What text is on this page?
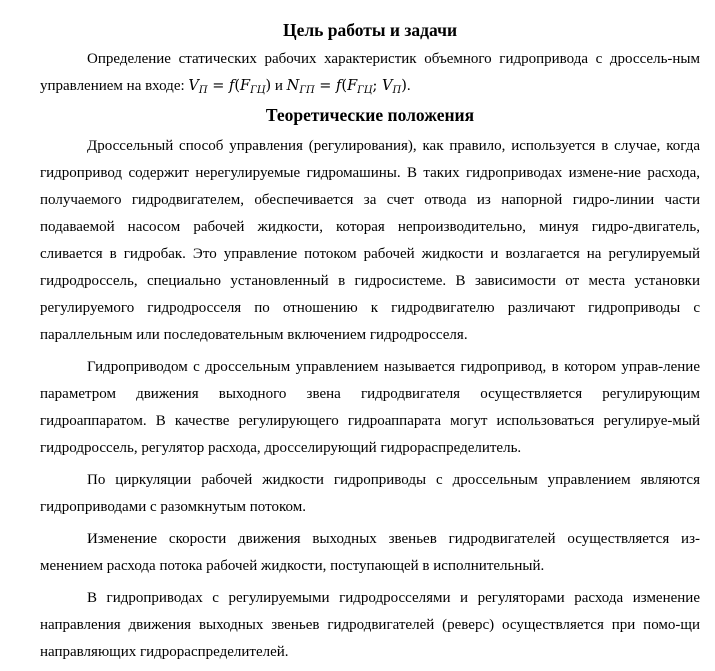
Цель работы и задачи

Определение статических рабочих характеристик объемного гидропривода с дроссель-ным управлением на входе: $V_П = f(F_{ГЦ})$ и $N_{ГП} = f(F_{ГЦ}$; $V_П$).

Теоретические положения

Дроссельный способ управления (регулирования), как правило, используется в случае, когда гидропривод содержит нерегулируемые гидромашины. В таких гидроприводах измене-ние расхода, получаемого гидродвигателем, обеспечивается за счет отвода из напорной гидро-линии части подаваемой насосом рабочей жидкости, которая непроизводительно, минуя гидро-двигатель, сливается в гидробак. Это управление потоком рабочей жидкости и возлагается на регулируемый гидродроссель, специально установленный в гидросистеме. В зависимости от места установки регулируемого гидродросселя по отношению к гидродвигателю различают гидроприводы с параллельным или последовательным включением гидродросселя.

Гидроприводом с дроссельным управлением называется гидропривод, в котором управ-ление параметром движения выходного звена гидродвигателя осуществляется регулирующим гидроаппаратом. В качестве регулирующего гидроаппарата могут использоваться регулируе-мый гидродроссель, регулятор расхода, дросселирующий гидрораспределитель.

По циркуляции рабочей жидкости гидроприводы с дроссельным управлением являются гидроприводами с разомкнутым потоком.

Изменение скорости движения выходных звеньев гидродвигателей осуществляется из-менением расхода потока рабочей жидкости, поступающей в исполнительный.

В гидроприводах с регулируемыми гидродросселями и регуляторами расхода изменение направления движения выходных звеньев гидродвигателей (реверс) осуществляется при помо-щи направляющих гидрораспределителей.
